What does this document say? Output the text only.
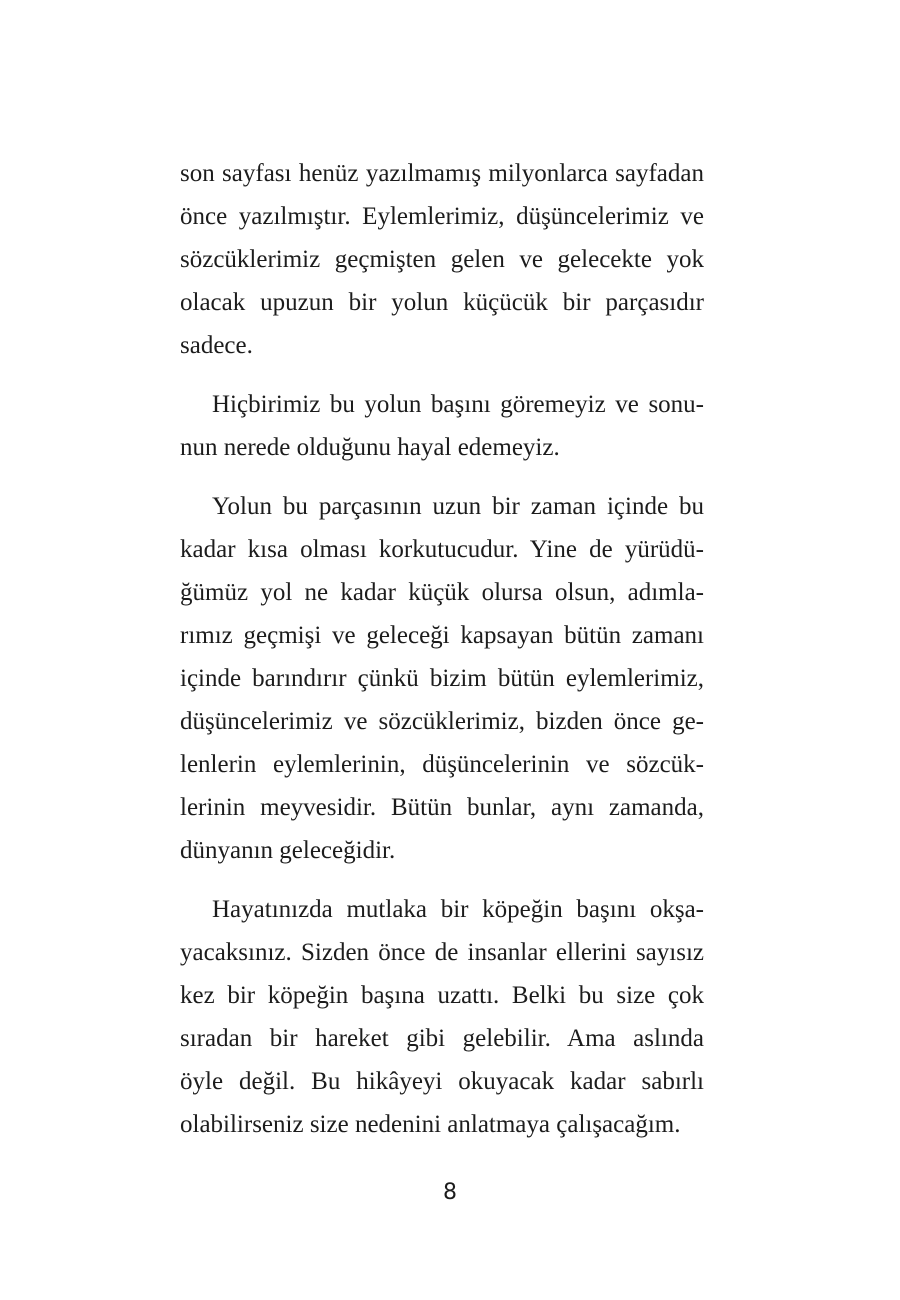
son sayfası henüz yazılmamış milyonlarca sayfadan
önce yazılmıştır. Eylemlerimiz, düşüncelerimiz ve
sözcüklerimiz geçmişten gelen ve gelecekte yok
olacak upuzun bir yolun küçücük bir parçasıdır
sadece.
Hiçbirimiz bu yolun başını göremeyiz ve sonu-
nun nerede olduğunu hayal edemeyiz.
Yolun bu parçasının uzun bir zaman içinde bu
kadar kısa olması korkutucudur. Yine de yürüdü-
ğümüz yol ne kadar küçük olursa olsun, adımla-
rımız geçmişi ve geleceği kapsayan bütün zamanı
içinde barındırır çünkü bizim bütün eylemlerimiz,
düşüncelerimiz ve sözcüklerimiz, bizden önce ge-
lenlerin eylemlerinin, düşüncelerinin ve sözcük-
lerinin meyvesidir. Bütün bunlar, aynı zamanda,
dünyanın geleceğidir.
Hayatınızda mutlaka bir köpeğin başını okşa-
yacaksınız. Sizden önce de insanlar ellerini sayısız
kez bir köpeğin başına uzattı. Belki bu size çok
sıradan bir hareket gibi gelebilir. Ama aslında
öyle değil. Bu hikâyeyi okuyacak kadar sabırlı
olabilirseniz size nedenini anlatmaya çalışacağım.
8
